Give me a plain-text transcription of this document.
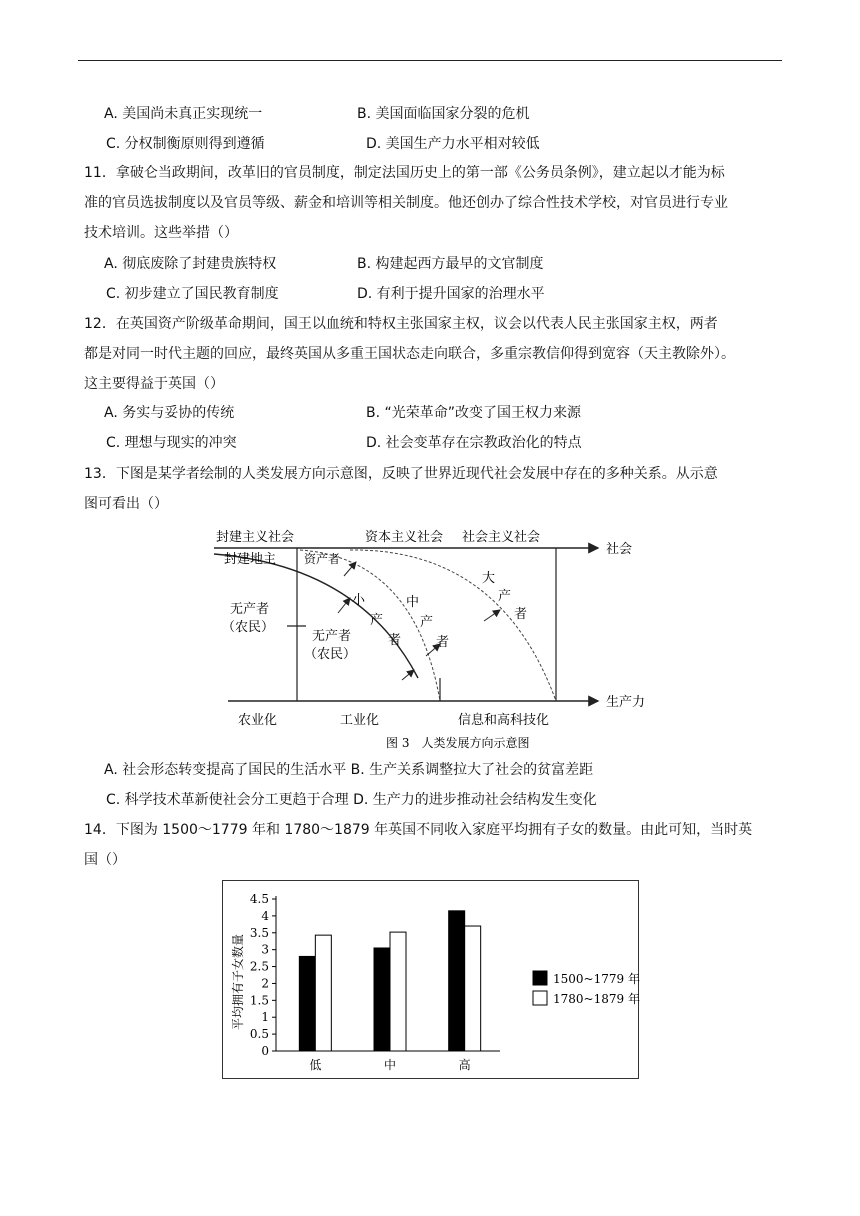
A. 美国尚未真正实现统一	B. 美国面临国家分裂的危机
C. 分权制衡原则得到遵循	D. 美国生产力水平相对较低
11．拿破仑当政期间，改革旧的官员制度，制定法国历史上的第一部《公务员条例》，建立起以才能为标
准的官员选拔制度以及官员等级、薪金和培训等相关制度。他还创办了综合性技术学校，对官员进行专业
技术培训。这些举措（）
A. 彻底废除了封建贵族特权	B. 构建起西方最早的文官制度
C. 初步建立了国民教育制度	D. 有利于提升国家的治理水平
12．在英国资产阶级革命期间，国王以血统和特权主张国家主权，议会以代表人民主张国家主权，两者
都是对同一时代主题的回应，最终英国从多重王国状态走向联合，多重宗教信仰得到宽容（天主教除外）。
这主要得益于英国（）
A. 务实与妥协的传统	B. “光荣革命”改变了国王权力来源
C. 理想与现实的冲突	D. 社会变革存在宗教政治化的特点
13．下图是某学者绘制的人类发展方向示意图，反映了世界近现代社会发展中存在的多种关系。从示意
图可看出（）
封建主义社会	资本主义社会 社会主义社会
社会
生产力
封建地主 资产者
无产者
（农民）
无产者
（农民）
小
产
者
中
产
者
大
产
者
农业化	工业化	信息和高科技化
图 3　人类发展方向示意图
A. 社会形态转变提高了国民的生活水平 B. 生产关系调整拉大了社会的贫富差距
C. 科学技术革新使社会分工更趋于合理 D. 生产力的进步推动社会结构发生变化
14．下图为 1500～1779 年和 1780～1879 年英国不同收入家庭平均拥有子女的数量。由此可知，当时英
国（）
平均拥有子女数量
0
0.5
1
1.5
2
2.5
3
3.5
4
4.5
低	中	高
1500~1779 年
1780~1879 年
